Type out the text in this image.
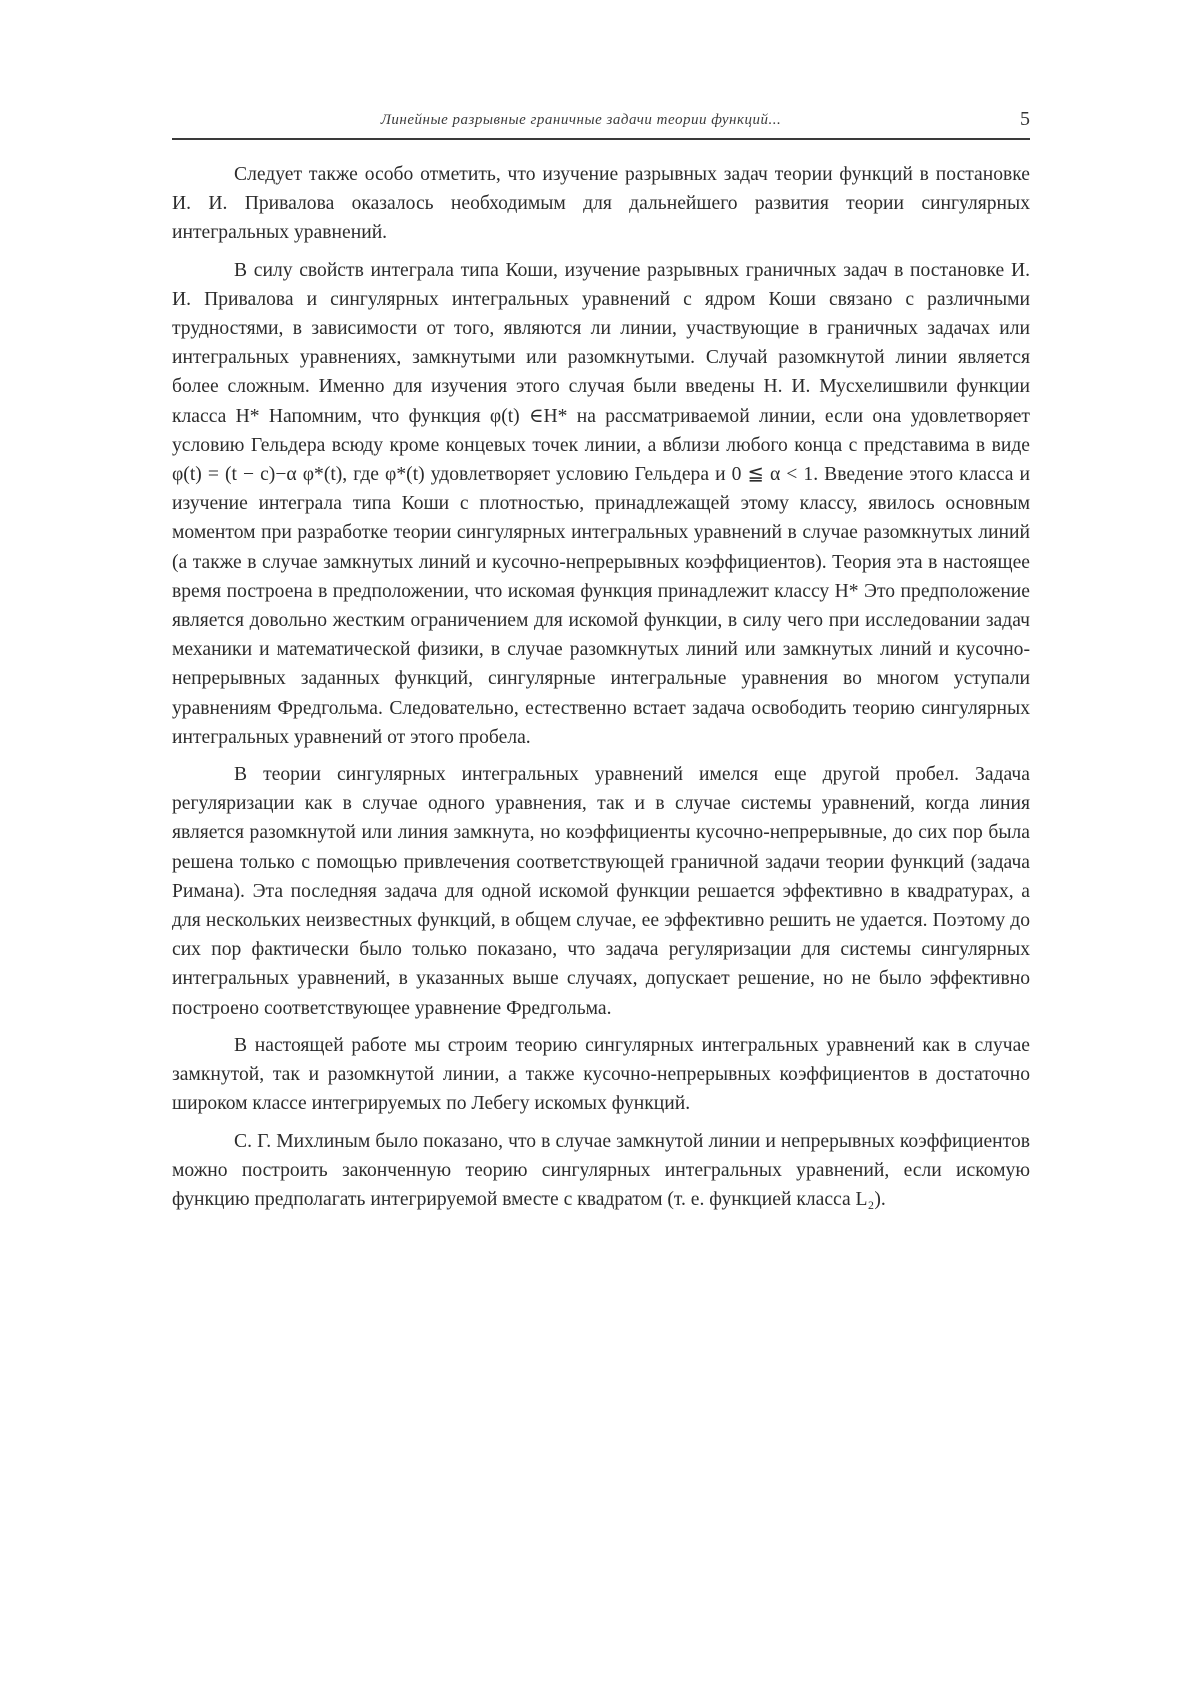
Линейные разрывные граничные задачи теории функций...	5

Следует также особо отметить, что изучение разрывных задач теории функций в постановке И. И. Привалова оказалось необходимым для дальнейшего развития теории сингулярных интегральных уравнений.

В силу свойств интеграла типа Коши, изучение разрывных граничных задач в постановке И. И. Привалова и сингулярных интегральных уравнений с ядром Коши связано с различными трудностями, в зависимости от того, являются ли линии, участвующие в граничных задачах или интегральных уравнениях, замкнутыми или разомкнутыми. Случай разомкнутой линии является более сложным. Именно для изучения этого случая были введены Н. И. Мусхелишвили функции класса H* Напомним, что функция φ(t) ∈H* на рассматриваемой линии, если она удовлетворяет условию Гельдера всюду кроме концевых точек линии, а вблизи любого конца c представима в виде φ(t) = (t − c)−α φ*(t), где φ*(t) удовлетворяет условию Гельдера и 0 ≦ α < 1. Введение этого класса и изучение интеграла типа Коши с плотностью, принадлежащей этому классу, явилось основным моментом при разработке теории сингулярных интегральных уравнений в случае разомкнутых линий (а также в случае замкнутых линий и кусочно-непрерывных коэффициентов). Теория эта в настоящее время построена в предположении, что искомая функция принадлежит классу H* Это предположение является довольно жестким ограничением для искомой функции, в силу чего при исследовании задач механики и математической физики, в случае разомкнутых линий или замкнутых линий и кусочно-непрерывных заданных функций, сингулярные интегральные уравнения во многом уступали уравнениям Фредгольма. Следовательно, естественно встает задача освободить теорию сингулярных интегральных уравнений от этого пробела.

В теории сингулярных интегральных уравнений имелся еще другой пробел. Задача регуляризации как в случае одного уравнения, так и в случае системы уравнений, когда линия является разомкнутой или линия замкнута, но коэффициенты кусочно-непрерывные, до сих пор была решена только с помощью привлечения соответствующей граничной задачи теории функций (задача Римана). Эта последняя задача для одной искомой функции решается эффективно в квадратурах, а для нескольких неизвестных функций, в общем случае, ее эффективно решить не удается. Поэтому до сих пор фактически было только показано, что задача регуляризации для системы сингулярных интегральных уравнений, в указанных выше случаях, допускает решение, но не было эффективно построено соответствующее уравнение Фредгольма.

В настоящей работе мы строим теорию сингулярных интегральных уравнений как в случае замкнутой, так и разомкнутой линии, а также кусочно-непрерывных коэффициентов в достаточно широком классе интегрируемых по Лебегу искомых функций.

С. Г. Михлиным было показано, что в случае замкнутой линии и непрерывных коэффициентов можно построить законченную теорию сингулярных интегральных уравнений, если искомую функцию предполагать интегрируемой вместе с квадратом (т. е. функцией класса L₂).
